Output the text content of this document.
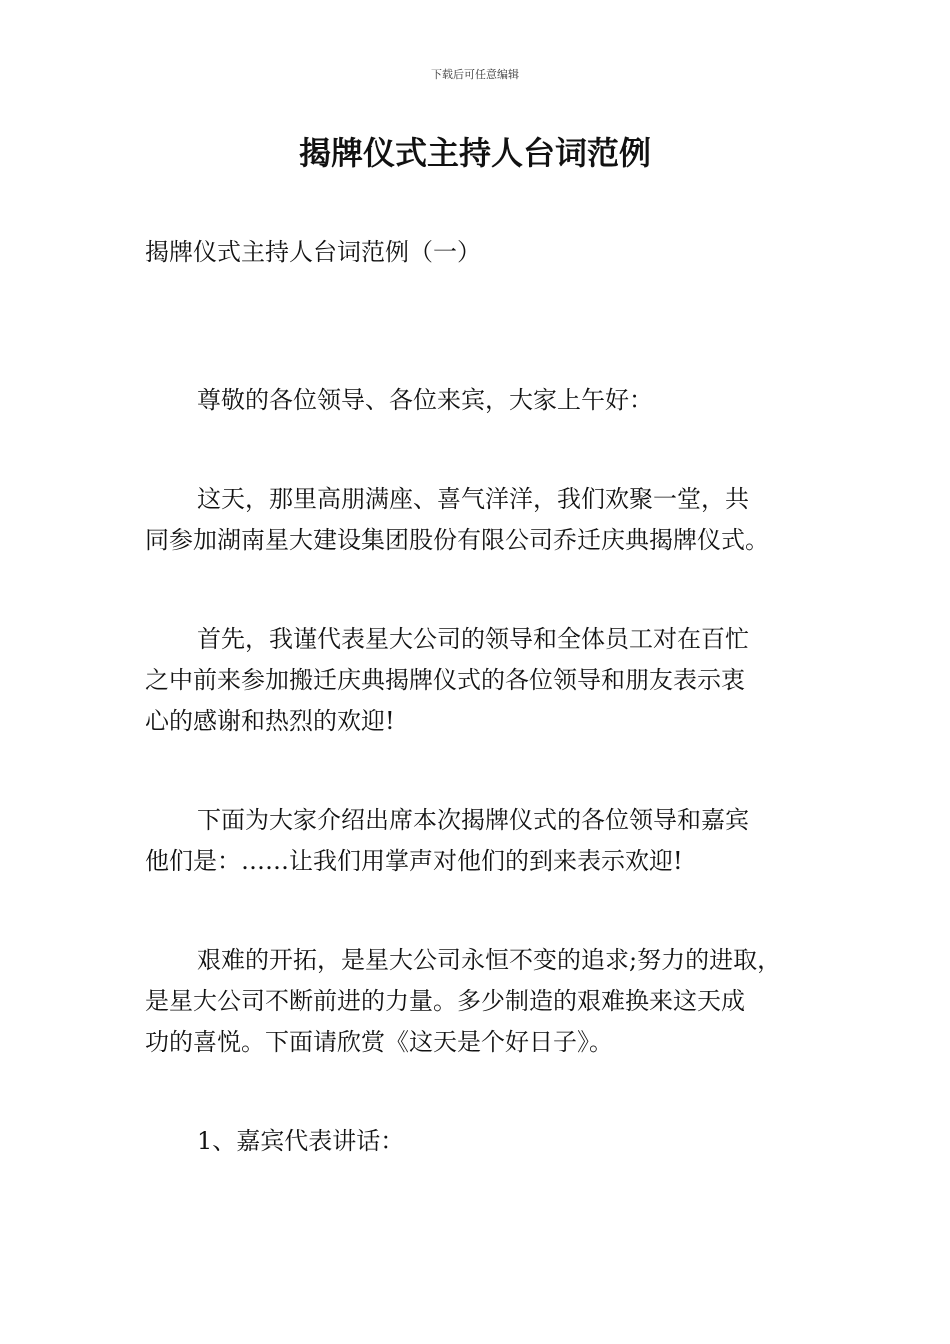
下载后可任意编辑
揭牌仪式主持人台词范例

揭牌仪式主持人台词范例（一）

尊敬的各位领导、各位来宾，大家上午好：

这天，那里高朋满座、喜气洋洋，我们欢聚一堂，共
同参加湖南星大建设集团股份有限公司乔迁庆典揭牌仪式。

首先，我谨代表星大公司的领导和全体员工对在百忙
之中前来参加搬迁庆典揭牌仪式的各位领导和朋友表示衷
心的感谢和热烈的欢迎!

下面为大家介绍出席本次揭牌仪式的各位领导和嘉宾
他们是：……让我们用掌声对他们的到来表示欢迎!

艰难的开拓，是星大公司永恒不变的追求;努力的进取，
是星大公司不断前进的力量。多少制造的艰难换来这天成
功的喜悦。下面请欣赏《这天是个好日子》。

1、嘉宾代表讲话：
